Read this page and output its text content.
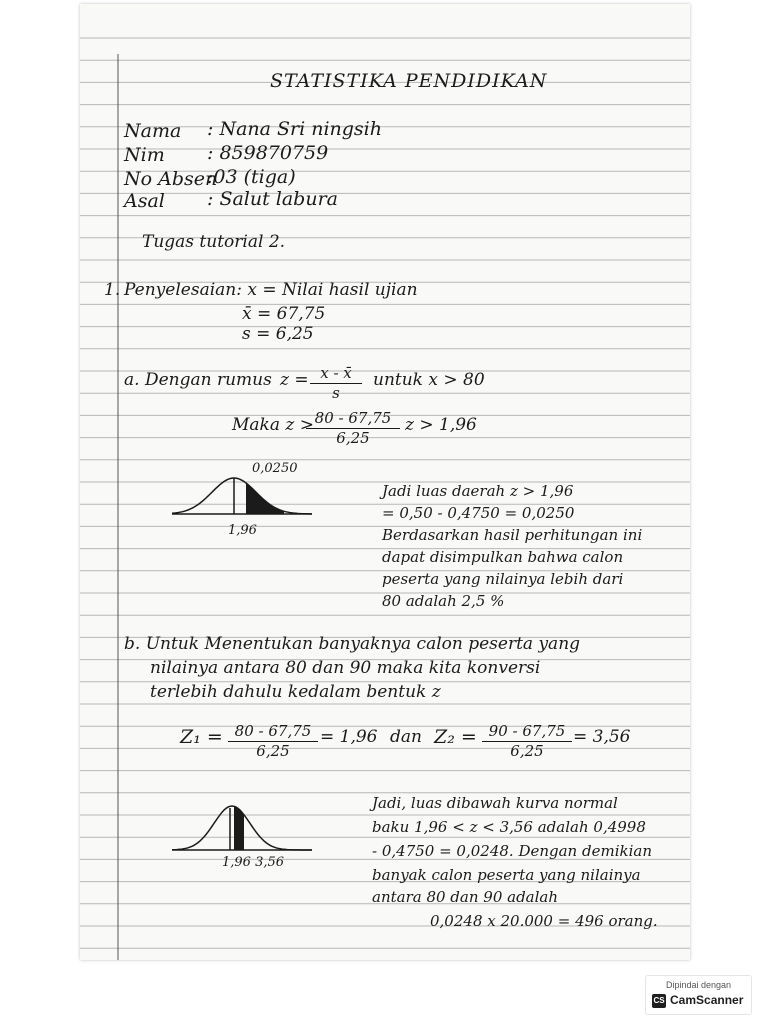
STATISTIKA PENDIDIKAN
Nama : Nana Sri ningsih
Nim : 859870759
No Absen
:03 (tiga)
Asal : Salut labura
Tugas tutorial 2.
1. Penyelesaian: x = Nilai hasil ujian
x̄ = 67,75
s = 6,25
a. Dengan rumus $z = \frac{x - x̄}{s}$ untuk x > 80
Maka z >
$\frac{80 - 67,75}{6,25}$ z > 1,96
0,0250
1,96
Jadi luas daerah z > 1,96
= 0,50 - 0,4750 = 0,0250
Berdasarkan hasil perhitungan ini
dapat disimpulkan bahwa calon
peserta yang nilainya lebih dari
80 adalah 2,5 %
b. Untuk Menentukan banyaknya calon peserta yang
nilainya antara 80 dan 90 maka kita konversi
terlebih dahulu kedalam bentuk z
$Z_1 = \frac{80 - 67,75}{6,25} = 1,96$ dan $Z_2 = \frac{90 - 67,75}{6,25} = 3,56$
1,96 3,56
Jadi, luas dibawah kurva normal
baku 1,96 < z < 3,56 adalah 0,4998
- 0,4750 = 0,0248. Dengan demikian
banyak calon peserta yang nilainya
antara 80 dan 90 adalah
0,0248 x 20.000 = 496 orang.
Dipindai dengan
CS CamScanner
